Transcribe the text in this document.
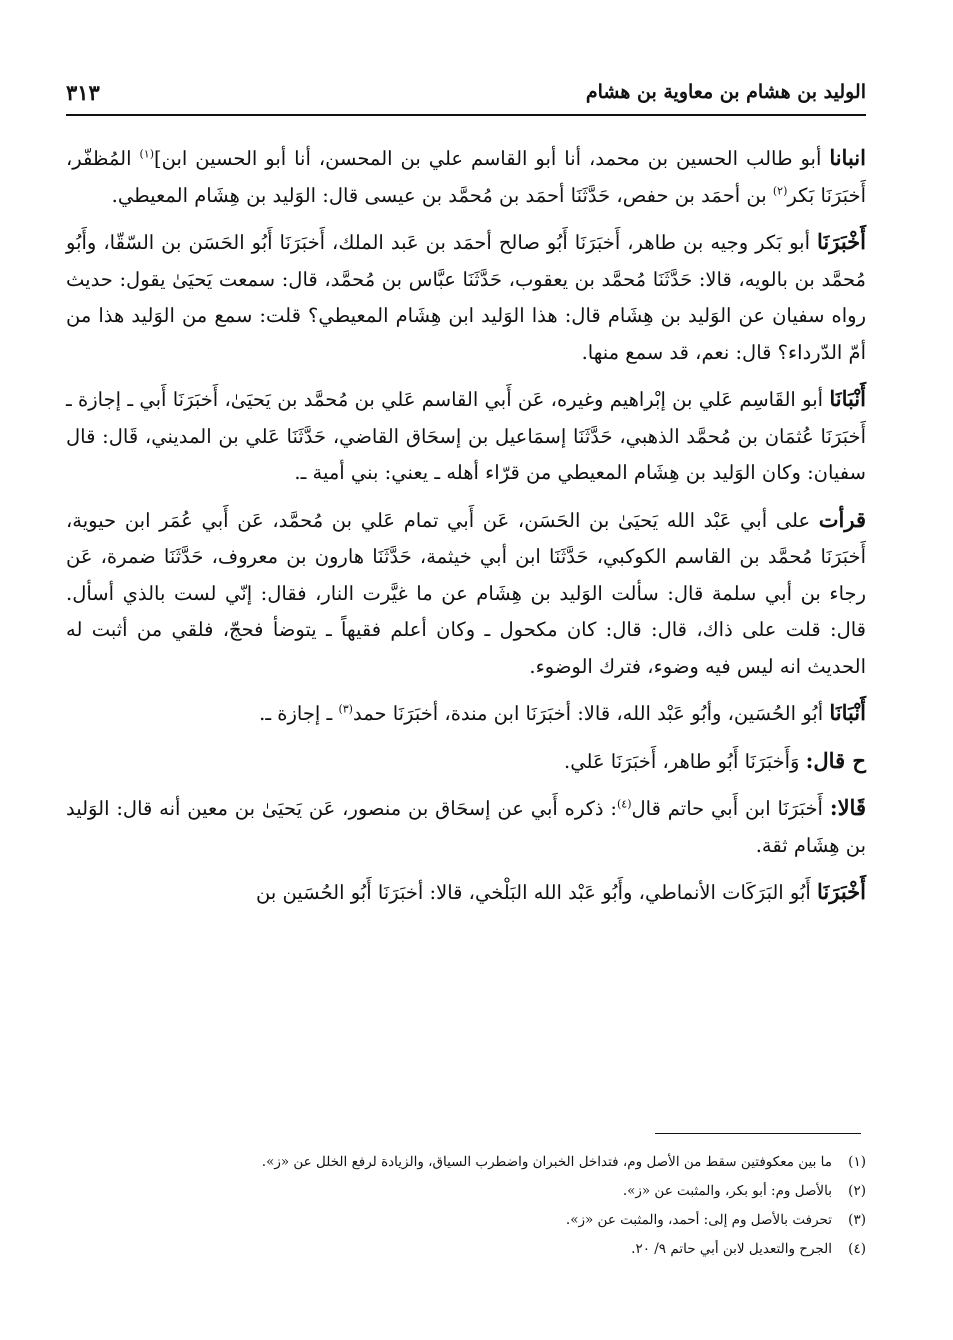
الوليد بن هشام بن معاوية بن هشام
٣١٣

انبانا أبو طالب الحسين بن محمد، أنا أبو القاسم علي بن المحسن، أنا أبو الحسين ابن]$^{(١)}$ المُظفّر، أَخبَرَنَا بَكر$^{(٢)}$ بن أحمَد بن حفص، حَدَّثَنَا أحمَد بن مُحمَّد بن عيسى قال: الوَليد بن هِشَام المعيطي.

أَخْبَرَنَا أبو بَكر وجيه بن طاهر، أَخبَرَنَا أَبُو صالح أحمَد بن عَبد الملك، أَخبَرَنَا أَبُو الحَسَن بن السّقّا، وأَبُو مُحمَّد بن بالويه، قالا: حَدَّثَنَا مُحمَّد بن يعقوب، حَدَّثَنَا عبَّاس بن مُحمَّد، قال: سمعت يَحيَىٰ يقول: حديث رواه سفيان عن الوَليد بن هِشَام قال: هذا الوَليد ابن هِشَام المعيطي؟ قلت: سمع من الوَليد هذا من أمّ الدّرداء؟ قال: نعم، قد سمع منها.

أَنْبَانَا أبو القَاسِم عَلي بن إبْراهيم وغيره، عَن أَبي القاسم عَلي بن مُحمَّد بن يَحيَىٰ، أَخبَرَنَا أَبي ـ إجازة ـ أَخبَرَنَا عُثمَان بن مُحمَّد الذهبي، حَدَّثَنَا إسمَاعيل بن إسحَاق القاضي، حَدَّثَنَا عَلي بن المديني، قَال: قال سفيان: وكان الوَليد بن هِشَام المعيطي من قرّاء أهله ـ يعني: بني أمية ـ.

قرأت على أبي عَبْد الله يَحيَىٰ بن الحَسَن، عَن أَبي تمام عَلي بن مُحمَّد، عَن أَبي عُمَر ابن حيوية، أَخبَرَنَا مُحمَّد بن القاسم الكوكبي، حَدَّثَنَا ابن أبي خيثمة، حَدَّثَنَا هارون بن معروف، حَدَّثَنَا ضمرة، عَن رجاء بن أبي سلمة قال: سألت الوَليد بن هِشَام عن ما غيَّرت النار، فقال: إنّي لست بالذي أسأل. قال: قلت على ذاك، قال: قال: كان مكحول ـ وكان أعلم فقيهاً ـ يتوضأ فحجّ، فلقي من أثبت له الحديث انه ليس فيه وضوء، فترك الوضوء.

أَنْبَانَا أبُو الحُسَين، وأبُو عَبْد الله، قالا: أخبَرَنَا ابن مندة، أخبَرَنَا حمد$^{(٣)}$ ـ إجازة ـ.

ح قال: وَأَخبَرَنَا أَبُو طاهر، أَخبَرَنَا عَلي.

قَالا: أَخبَرَنَا ابن أَبي حاتم قال$^{(٤)}$: ذكره أَبي عن إسحَاق بن منصور، عَن يَحيَىٰ بن معين أنه قال: الوَليد بن هِشَام ثقة.

أَخْبَرَنَا أَبُو البَرَكَات الأنماطي، وأَبُو عَبْد الله البَلْخي، قالا: أخبَرَنَا أَبُو الحُسَين بن

(١)ما بين معكوفتين سقط من الأصل وم، فتداخل الخبران واضطرب السياق، والزيادة لرفع الخلل عن «ز».
(٢)بالأصل وم: أبو بكر، والمثبت عن «ز».
(٣)تحرفت بالأصل وم إلى: أحمد، والمثبت عن «ز».
(٤)الجرح والتعديل لابن أبي حاتم ٩/ ٢٠.
